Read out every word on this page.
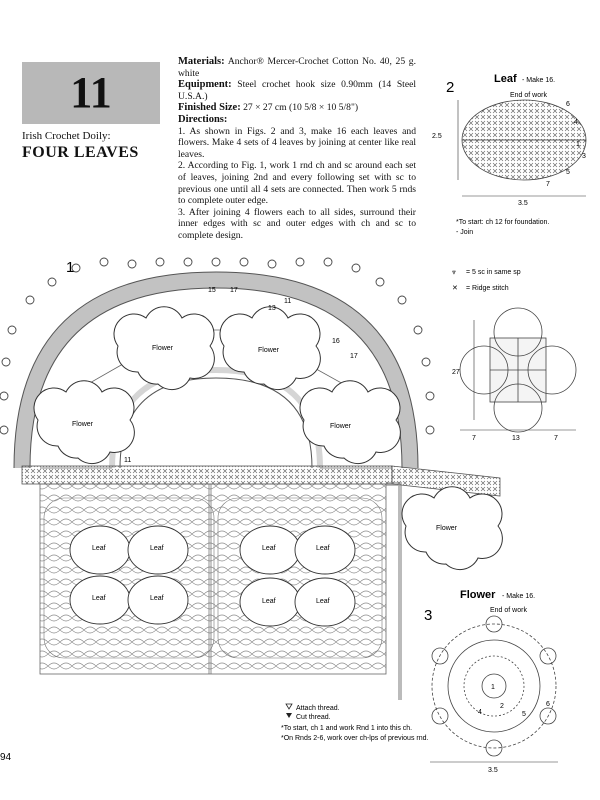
11
Irish Crochet Doily:
FOUR LEAVES

Materials: Anchor® Mercer-Crochet Cotton No. 40, 25 g. white

Equipment: Steel crochet hook size 0.90mm (14 Steel U.S.A.)

Finished Size: 27 × 27 cm (10 5/8 × 10 5/8")

Directions:

1. As shown in Figs. 2 and 3, make 16 each leaves and flowers. Make 4 sets of 4 leaves by joining at center like real leaves.

2. According to Fig. 1, work 1 rnd ch and sc around each set of leaves, joining 2nd and every following set with sc to previous one until all 4 sets are connected. Then work 5 rnds to complete outer edge.

3. After joining 4 flowers each to all sides, surround their inner edges with sc and outer edges with ch and sc to complete design.

15 17
13
11
16
17
11
1
Flower	Flower
Flower	Flower
Flower
Leaf	Leaf
Leaf	Leaf
Leaf	Leaf
Leaf	Leaf
Attach thread.
Cut thread.
*To start, ch 1 and work Rnd 1 into this ch.
*On Rnds 2-6, work over ch-lps of previous rnd.
2	Leaf - Make 16.
End of work
2.5
3.5
6
4
3
1
5
7
*To start: ch 12 for foundation.
- Join
⩔ = 5 sc in same sp
✕ = Ridge stitch
27
7	13	7
3
Flower - Make 16.
End of work
1
2
4	5
6
3.5
94
